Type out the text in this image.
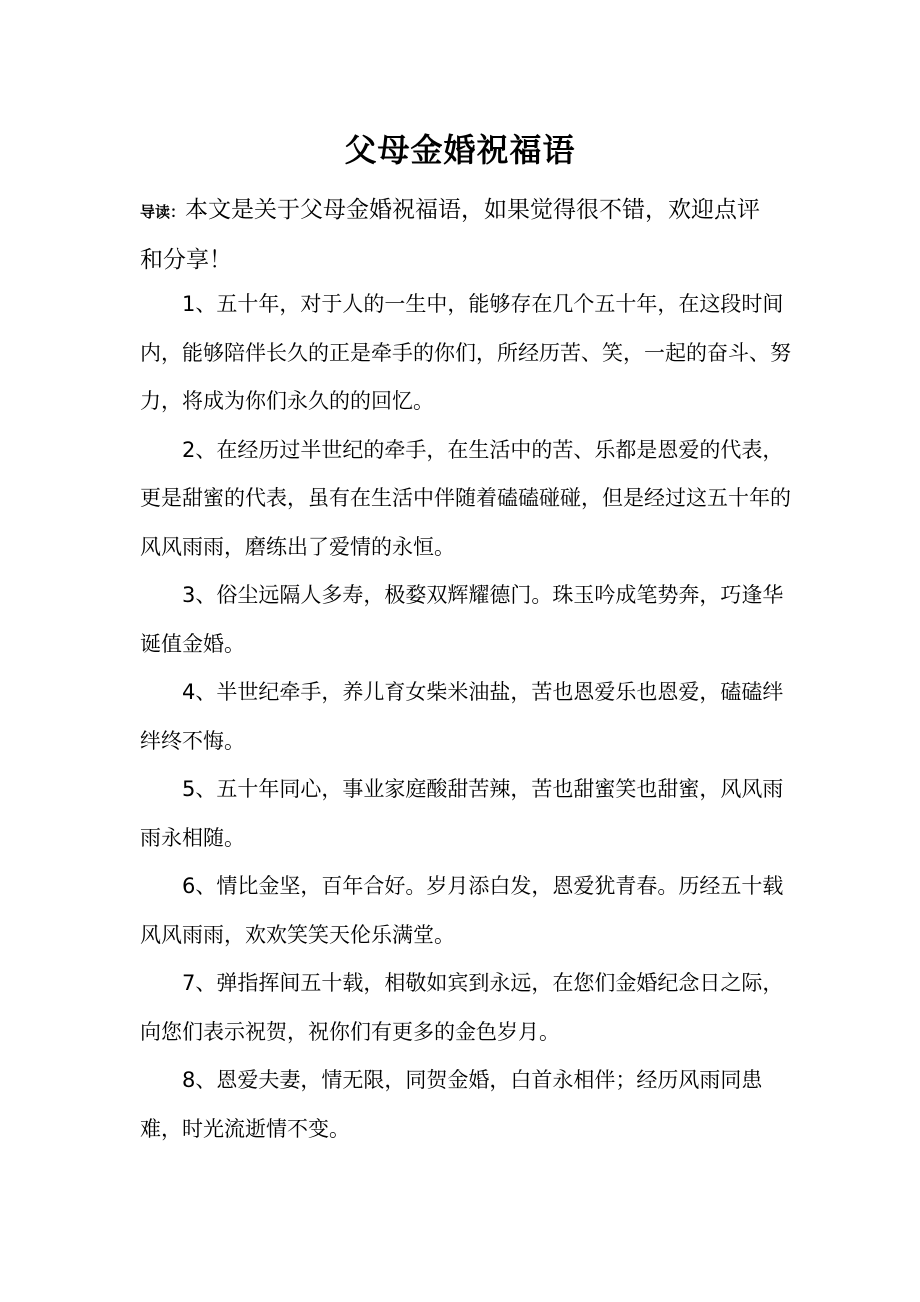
父母金婚祝福语
导读：本文是关于父母金婚祝福语，如果觉得很不错，欢迎点评和分享！

1、五十年，对于人的一生中，能够存在几个五十年，在这段时间内，能够陪伴长久的正是牵手的你们，所经历苦、笑，一起的奋斗、努力，将成为你们永久的的回忆。

2、在经历过半世纪的牵手，在生活中的苦、乐都是恩爱的代表，更是甜蜜的代表，虽有在生活中伴随着磕磕碰碰，但是经过这五十年的风风雨雨，磨练出了爱情的永恒。

3、俗尘远隔人多寿，极婺双辉耀德门。珠玉吟成笔势奔，巧逢华诞值金婚。

4、半世纪牵手，养儿育女柴米油盐，苦也恩爱乐也恩爱，磕磕绊绊终不悔。

5、五十年同心，事业家庭酸甜苦辣，苦也甜蜜笑也甜蜜，风风雨雨永相随。

6、情比金坚，百年合好。岁月添白发，恩爱犹青春。历经五十载风风雨雨，欢欢笑笑天伦乐满堂。

7、弹指挥间五十载，相敬如宾到永远，在您们金婚纪念日之际，向您们表示祝贺，祝你们有更多的金色岁月。

8、恩爱夫妻，情无限，同贺金婚，白首永相伴；经历风雨同患难，时光流逝情不变。
